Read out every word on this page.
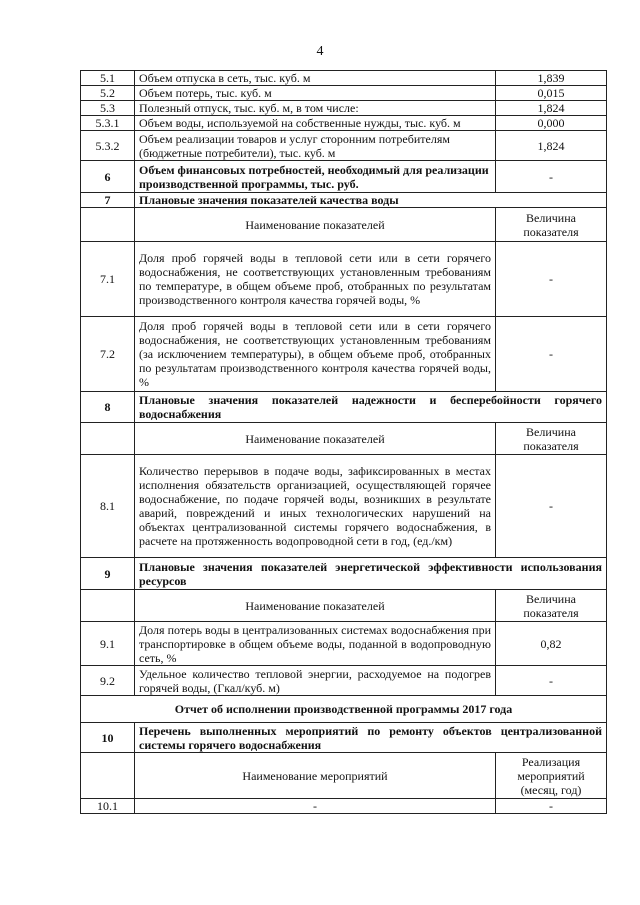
4
5.1	Объем отпуска в сеть, тыс. куб. м	1,839
5.2	Объем потерь, тыс. куб. м	0,015
5.3	Полезный отпуск, тыс. куб. м, в том числе:	1,824
5.3.1	Объем воды, используемой на собственные нужды, тыс. куб. м	0,000
5.3.2	Объем реализации товаров и услуг сторонним потребителям (бюджетные потребители), тыс. куб. м	1,824
6	Объем финансовых потребностей, необходимый для реализации производственной программы, тыс. руб.	-
7	Плановые значения показателей качества воды	
	Наименование показателей	Величина показателя
7.1	Доля проб горячей воды в тепловой сети или в сети горячего водоснабжения, не соответствующих установленным требованиям по температуре, в общем объеме проб, отобранных по результатам производственного контроля качества горячей воды, %	-
7.2	Доля проб горячей воды в тепловой сети или в сети горячего водоснабжения, не соответствующих установленным требованиям (за исключением температуры), в общем объеме проб, отобранных по результатам производственного контроля качества горячей воды, %	-
8	Плановые значения показателей надежности и бесперебойности горячего водоснабжения	
	Наименование показателей	Величина показателя
8.1	Количество перерывов в подаче воды, зафиксированных в местах исполнения обязательств организацией, осуществляющей горячее водоснабжение, по подаче горячей воды, возникших в результате аварий, повреждений и иных технологических нарушений на объектах централизованной системы горячего водоснабжения, в расчете на протяженность водопроводной сети в год, (ед./км)	-
9	Плановые значения показателей энергетической эффективности использования ресурсов	
	Наименование показателей	Величина показателя
9.1	Доля потерь воды в централизованных системах водоснабжения при транспортировке в общем объеме воды, поданной в водопроводную сеть, %	0,82
9.2	Удельное количество тепловой энергии, расходуемое на подогрев горячей воды, (Гкал/куб. м)	-
Отчет об исполнении производственной программы 2017 года		
10	Перечень выполненных мероприятий по ремонту объектов централизованной системы горячего водоснабжения	
	Наименование мероприятий	Реализация мероприятий (месяц, год)
10.1	-	-
